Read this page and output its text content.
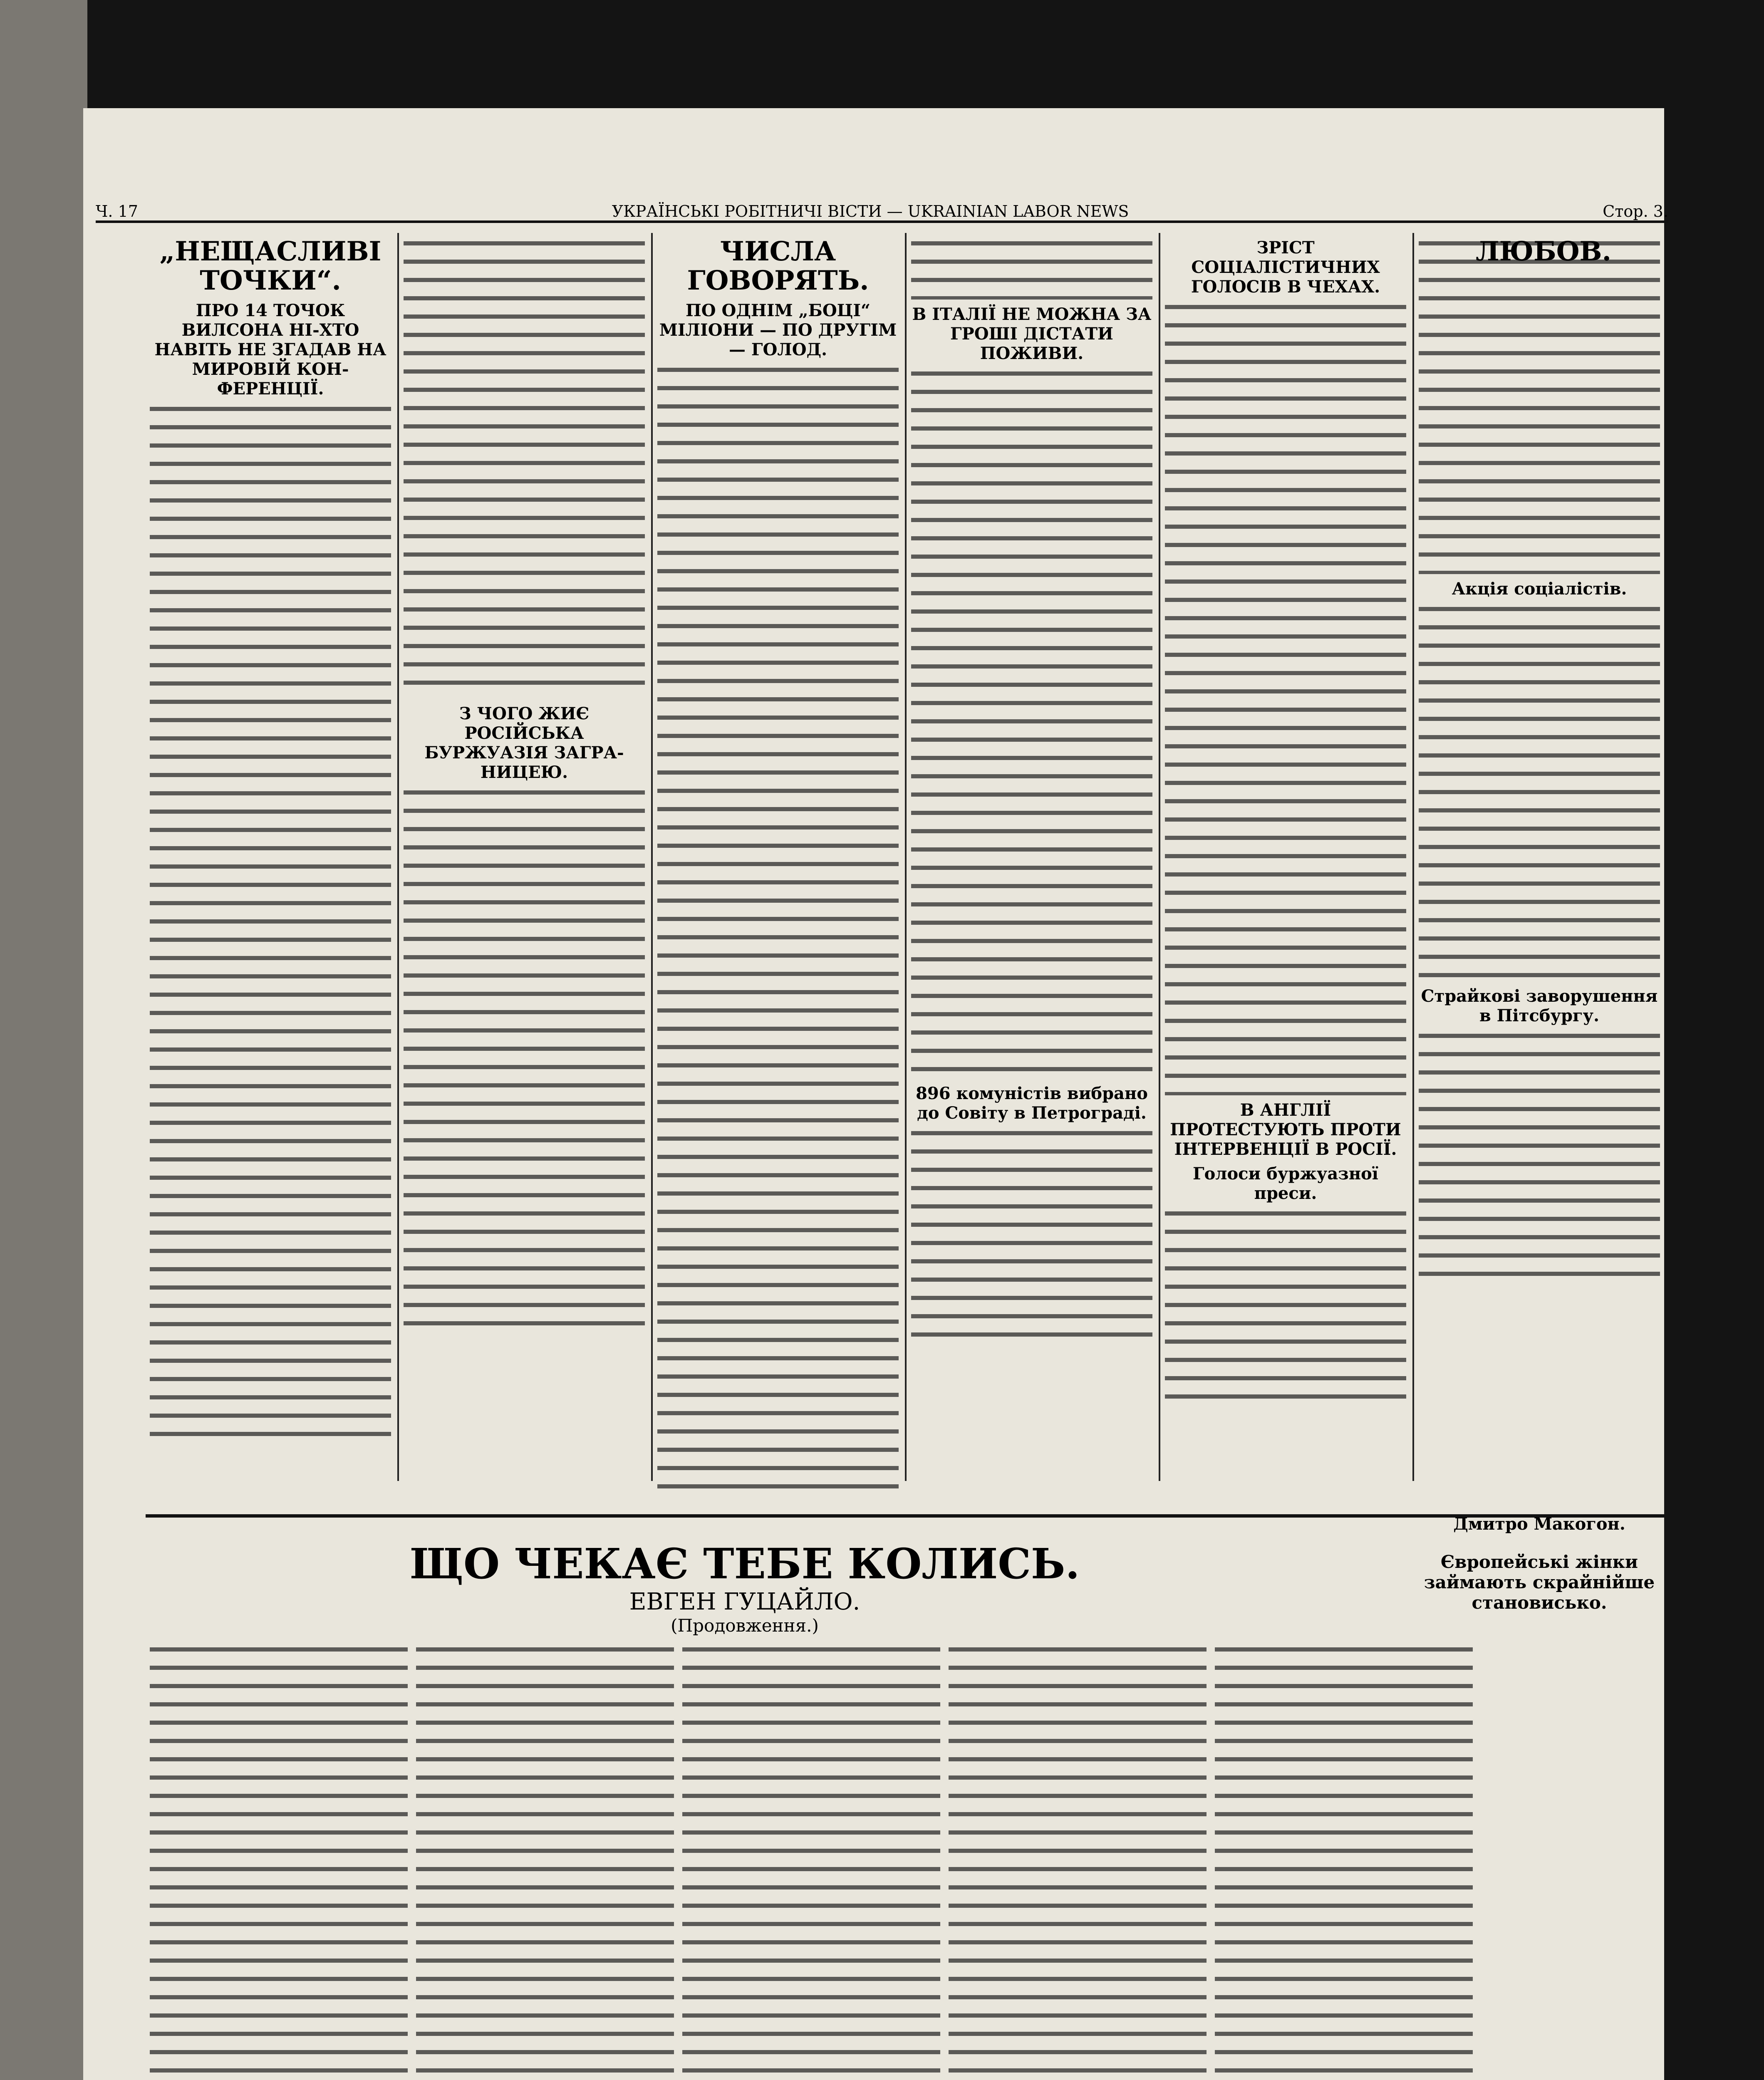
Ч. 17	УКРАЇНСЬКІ РОБІТНИЧІ ВІСТИ — UKRAINIAN LABOR NEWS	Стор. 3.
„НЕЩАСЛИВІ ТОЧКИ“.
ПРО 14 ТОЧОК ВИЛСОНА НІ-ХТО НАВІТЬ НЕ ЗГАДАВ НА МИРОВІЙ КОН-ФЕРЕНЦІЇ.
З ЧОГО ЖИЄ РОСІЙСЬКА БУРЖУАЗІЯ ЗАГРА-НИЦЕЮ.
ЧИСЛА ГОВОРЯТЬ.
ПО ОДНІМ „БОЦІ“ МІЛІОНИ — ПО ДРУГІМ — ГОЛОД.
В ІТАЛІЇ НЕ МОЖНА ЗА ГРОШІ ДІСТАТИ ПОЖИВИ.
896 комуністів вибрано до Совіту в Петрограді.
ЗРІСТ СОЦІАЛІСТИЧНИХ ГОЛОСІВ В ЧЕХАХ.
В АНГЛІЇ ПРОТЕСТУЮТЬ ПРОТИ ІНТЕРВЕНЦІЇ В РОСІЇ.
Голоси буржуазної преси.
Акція соціалістів.
Страйкові заворушення в Пітсбургу.
ЛЮБОВ.
ЩО ЧЕКАЄ ТЕБЕ КОЛИСЬ.
ЕВГЕН ГУЦАЙЛО.
(Продовження.)
Дмитро Макогон.
Європейські жінки займають скрайнійше становисько.
